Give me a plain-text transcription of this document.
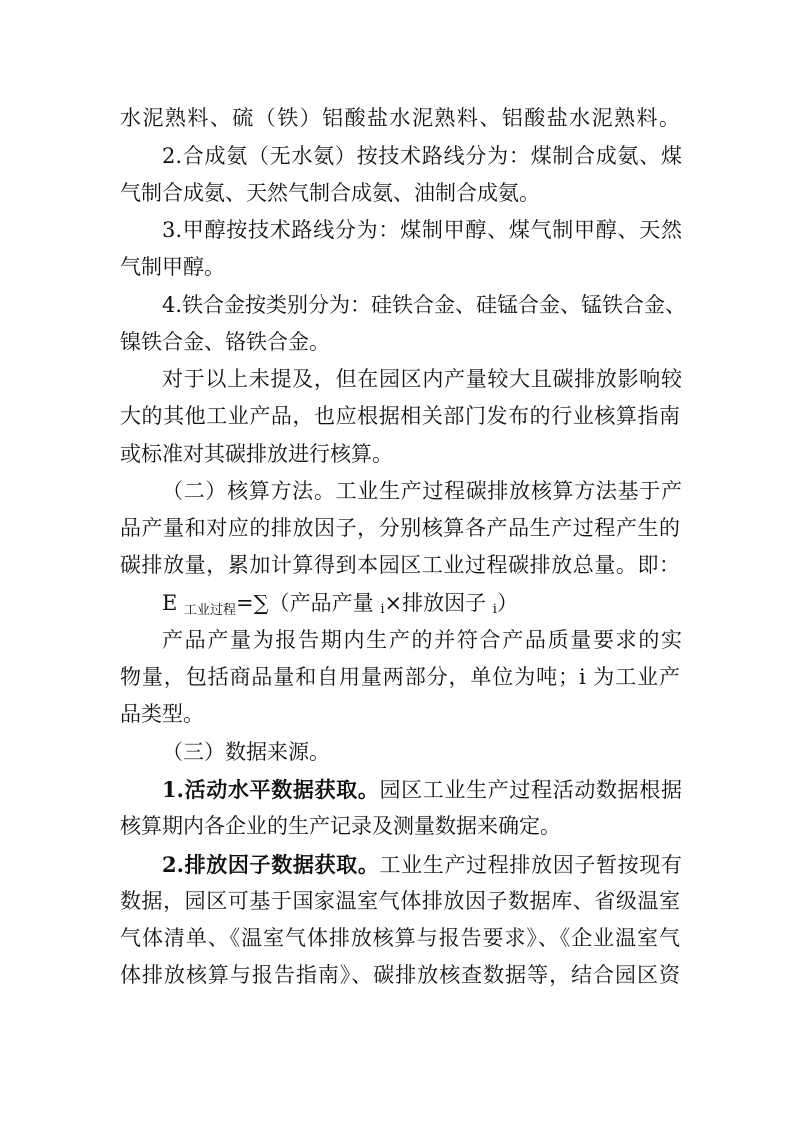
水泥熟料、硫（铁）铝酸盐水泥熟料、铝酸盐水泥熟料。
2.合成氨（无水氨）按技术路线分为：煤制合成氨、煤
气制合成氨、天然气制合成氨、油制合成氨。
3.甲醇按技术路线分为：煤制甲醇、煤气制甲醇、天然
气制甲醇。
4.铁合金按类别分为：硅铁合金、硅锰合金、锰铁合金、
镍铁合金、铬铁合金。
对于以上未提及，但在园区内产量较大且碳排放影响较
大的其他工业产品，也应根据相关部门发布的行业核算指南
或标准对其碳排放进行核算。
（二）核算方法。工业生产过程碳排放核算方法基于产
品产量和对应的排放因子，分别核算各产品生产过程产生的
碳排放量，累加计算得到本园区工业过程碳排放总量。即：
E $_{工业过程}$=∑（产品产量 i×排放因子 i）
产品产量为报告期内生产的并符合产品质量要求的实
物量，包括商品量和自用量两部分，单位为吨；i 为工业产
品类型。
（三）数据来源。
1.活动水平数据获取。园区工业生产过程活动数据根据
核算期内各企业的生产记录及测量数据来确定。
2.排放因子数据获取。工业生产过程排放因子暂按现有
数据，园区可基于国家温室气体排放因子数据库、省级温室
气体清单、《温室气体排放核算与报告要求》、《企业温室气
体排放核算与报告指南》、碳排放核查数据等，结合园区资
